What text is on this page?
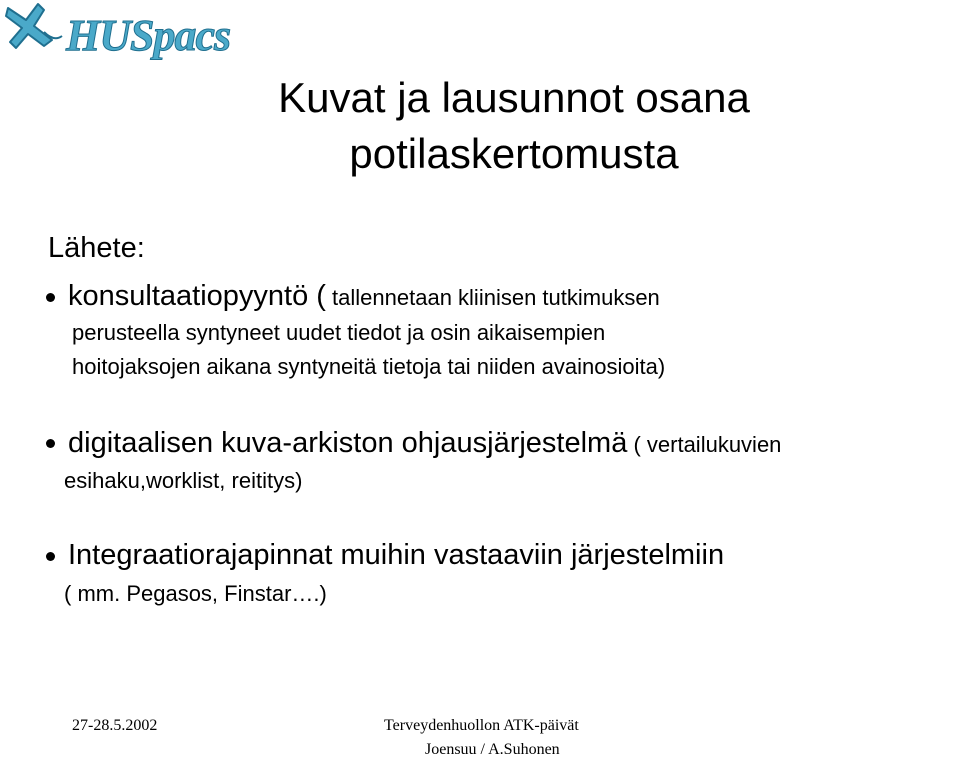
HUSpacs
Kuvat ja lausunnot osana
potilaskertomusta
Lähete:
konsultaatiopyyntö ( tallennetaan kliinisen tutkimuksen
perusteella syntyneet uudet tiedot ja osin aikaisempien
hoitojaksojen aikana syntyneitä tietoja tai niiden avainosioita)
digitaalisen kuva-arkiston ohjausjärjestelmä ( vertailukuvien
esihaku,worklist, reititys)
Integraatiorajapinnat muihin vastaaviin järjestelmiin
( mm. Pegasos, Finstar….)
27-28.5.2002	Terveydenhuollon ATK-päivät
Joensuu / A.Suhonen
